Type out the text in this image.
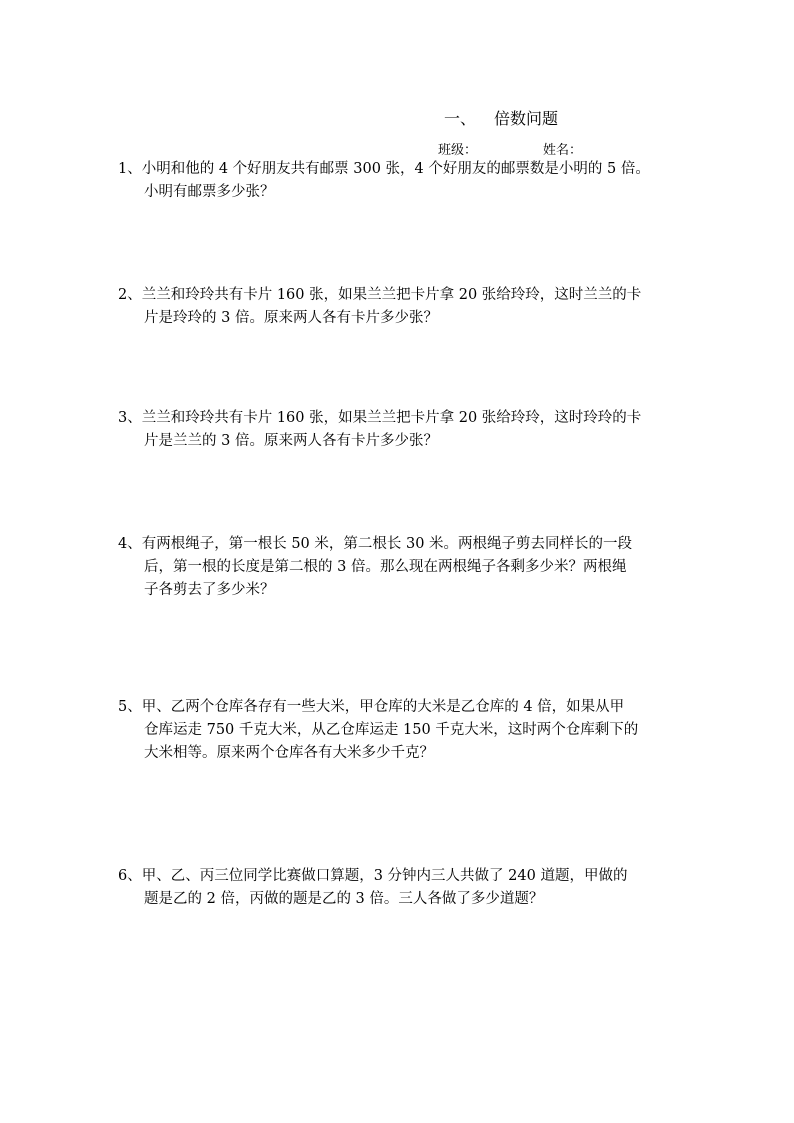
一、 倍数问题
班级：	姓名：
1、小明和他的 4 个好朋友共有邮票 300 张，4 个好朋友的邮票数是小明的 5 倍。
小明有邮票多少张？
2、兰兰和玲玲共有卡片 160 张，如果兰兰把卡片拿 20 张给玲玲，这时兰兰的卡
片是玲玲的 3 倍。原来两人各有卡片多少张？
3、兰兰和玲玲共有卡片 160 张，如果兰兰把卡片拿 20 张给玲玲，这时玲玲的卡
片是兰兰的 3 倍。原来两人各有卡片多少张？
4、有两根绳子，第一根长 50 米，第二根长 30 米。两根绳子剪去同样长的一段
后，第一根的长度是第二根的 3 倍。那么现在两根绳子各剩多少米？两根绳
子各剪去了多少米？
5、甲、乙两个仓库各存有一些大米，甲仓库的大米是乙仓库的 4 倍，如果从甲
仓库运走 750 千克大米，从乙仓库运走 150 千克大米，这时两个仓库剩下的
大米相等。原来两个仓库各有大米多少千克？
6、甲、乙、丙三位同学比赛做口算题，3 分钟内三人共做了 240 道题，甲做的
题是乙的 2 倍，丙做的题是乙的 3 倍。三人各做了多少道题？
